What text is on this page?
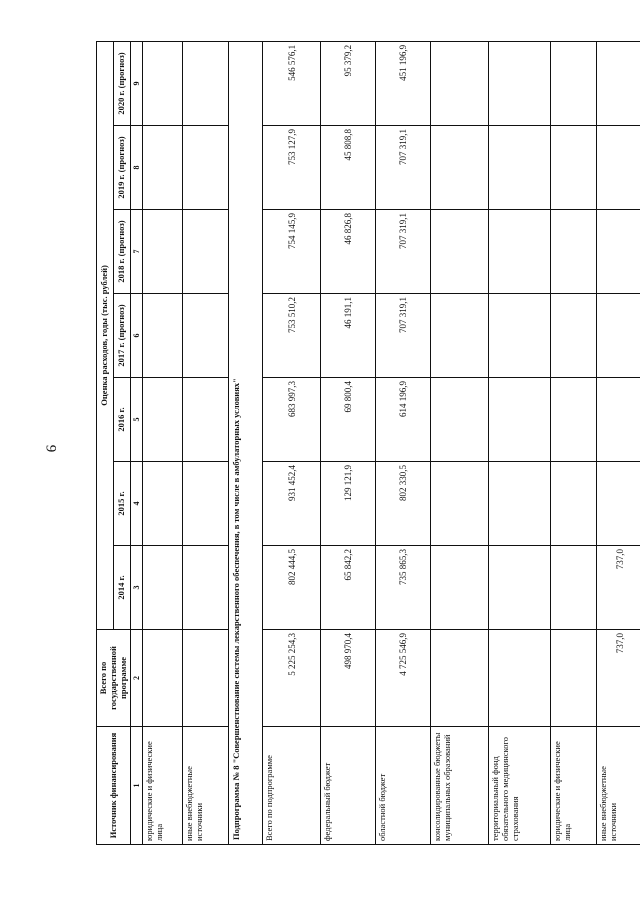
9
Источник финансирования	Всего по государственной программе	Оценка расходов, годы (тыс. рублей)						
		2014 г.	2015 г.	2016 г.	2017 г. (прогноз)	2018 г. (прогноз)	2019 г. (прогноз)	2020 г. (прогноз)
1	2	3	4	5	6	7	8	9
юридические и физические лица								
иные внебюджетные источники								
Подпрограмма № 8 "Совершенствование системы лекарственного обеспечения, в том числе в амбулаторных условиях"								
Всего по подпрограмме	5 225 254,3	802 444,5	931 452,4	683 997,3	753 510,2	754 145,9	753 127,9	546 576,1
федеральный бюджет	498 970,4	65 842,2	129 121,9	69 800,4	46 191,1	46 826,8	45 808,8	95 379,2
областной бюджет	4 725 546,9	735 865,3	802 330,5	614 196,9	707 319,1	707 319,1	707 319,1	451 196,9
консолидированные бюджеты муниципальных образований								
территориальный фонд обязательного медицинского страхования								
юридические и физические лица								
иные внебюджетные источники	737,0	737,0						
